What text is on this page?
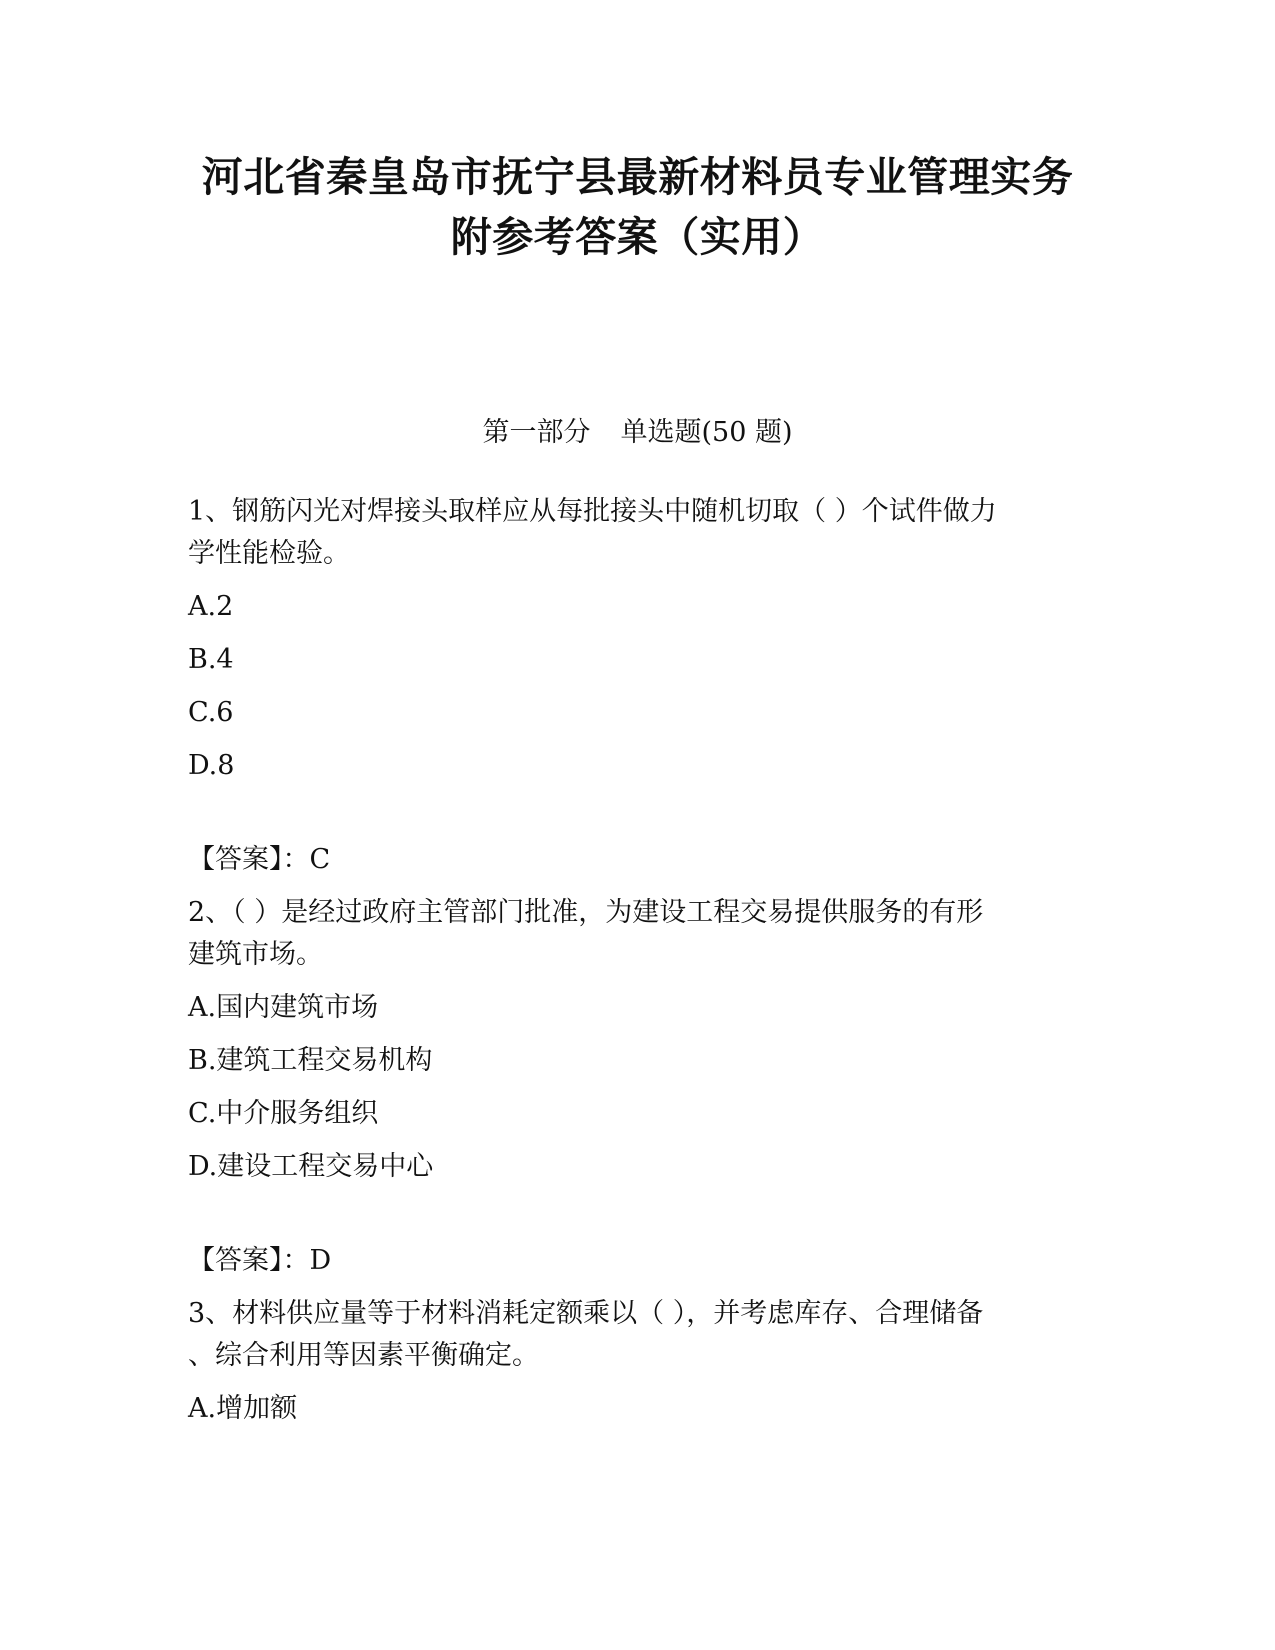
河北省秦皇岛市抚宁县最新材料员专业管理实务
附参考答案（实用）

第一部分 单选题(50 题)

1、钢筋闪光对焊接头取样应从每批接头中随机切取（ ）个试件做力

学性能检验。

A.2

B.4

C.6

D.8

【答案】：C

2、（ ）是经过政府主管部门批准，为建设工程交易提供服务的有形

建筑市场。

A.国内建筑市场

B.建筑工程交易机构

C.中介服务组织

D.建设工程交易中心

【答案】：D

3、材料供应量等于材料消耗定额乘以（ ），并考虑库存、合理储备

、综合利用等因素平衡确定。

A.增加额
